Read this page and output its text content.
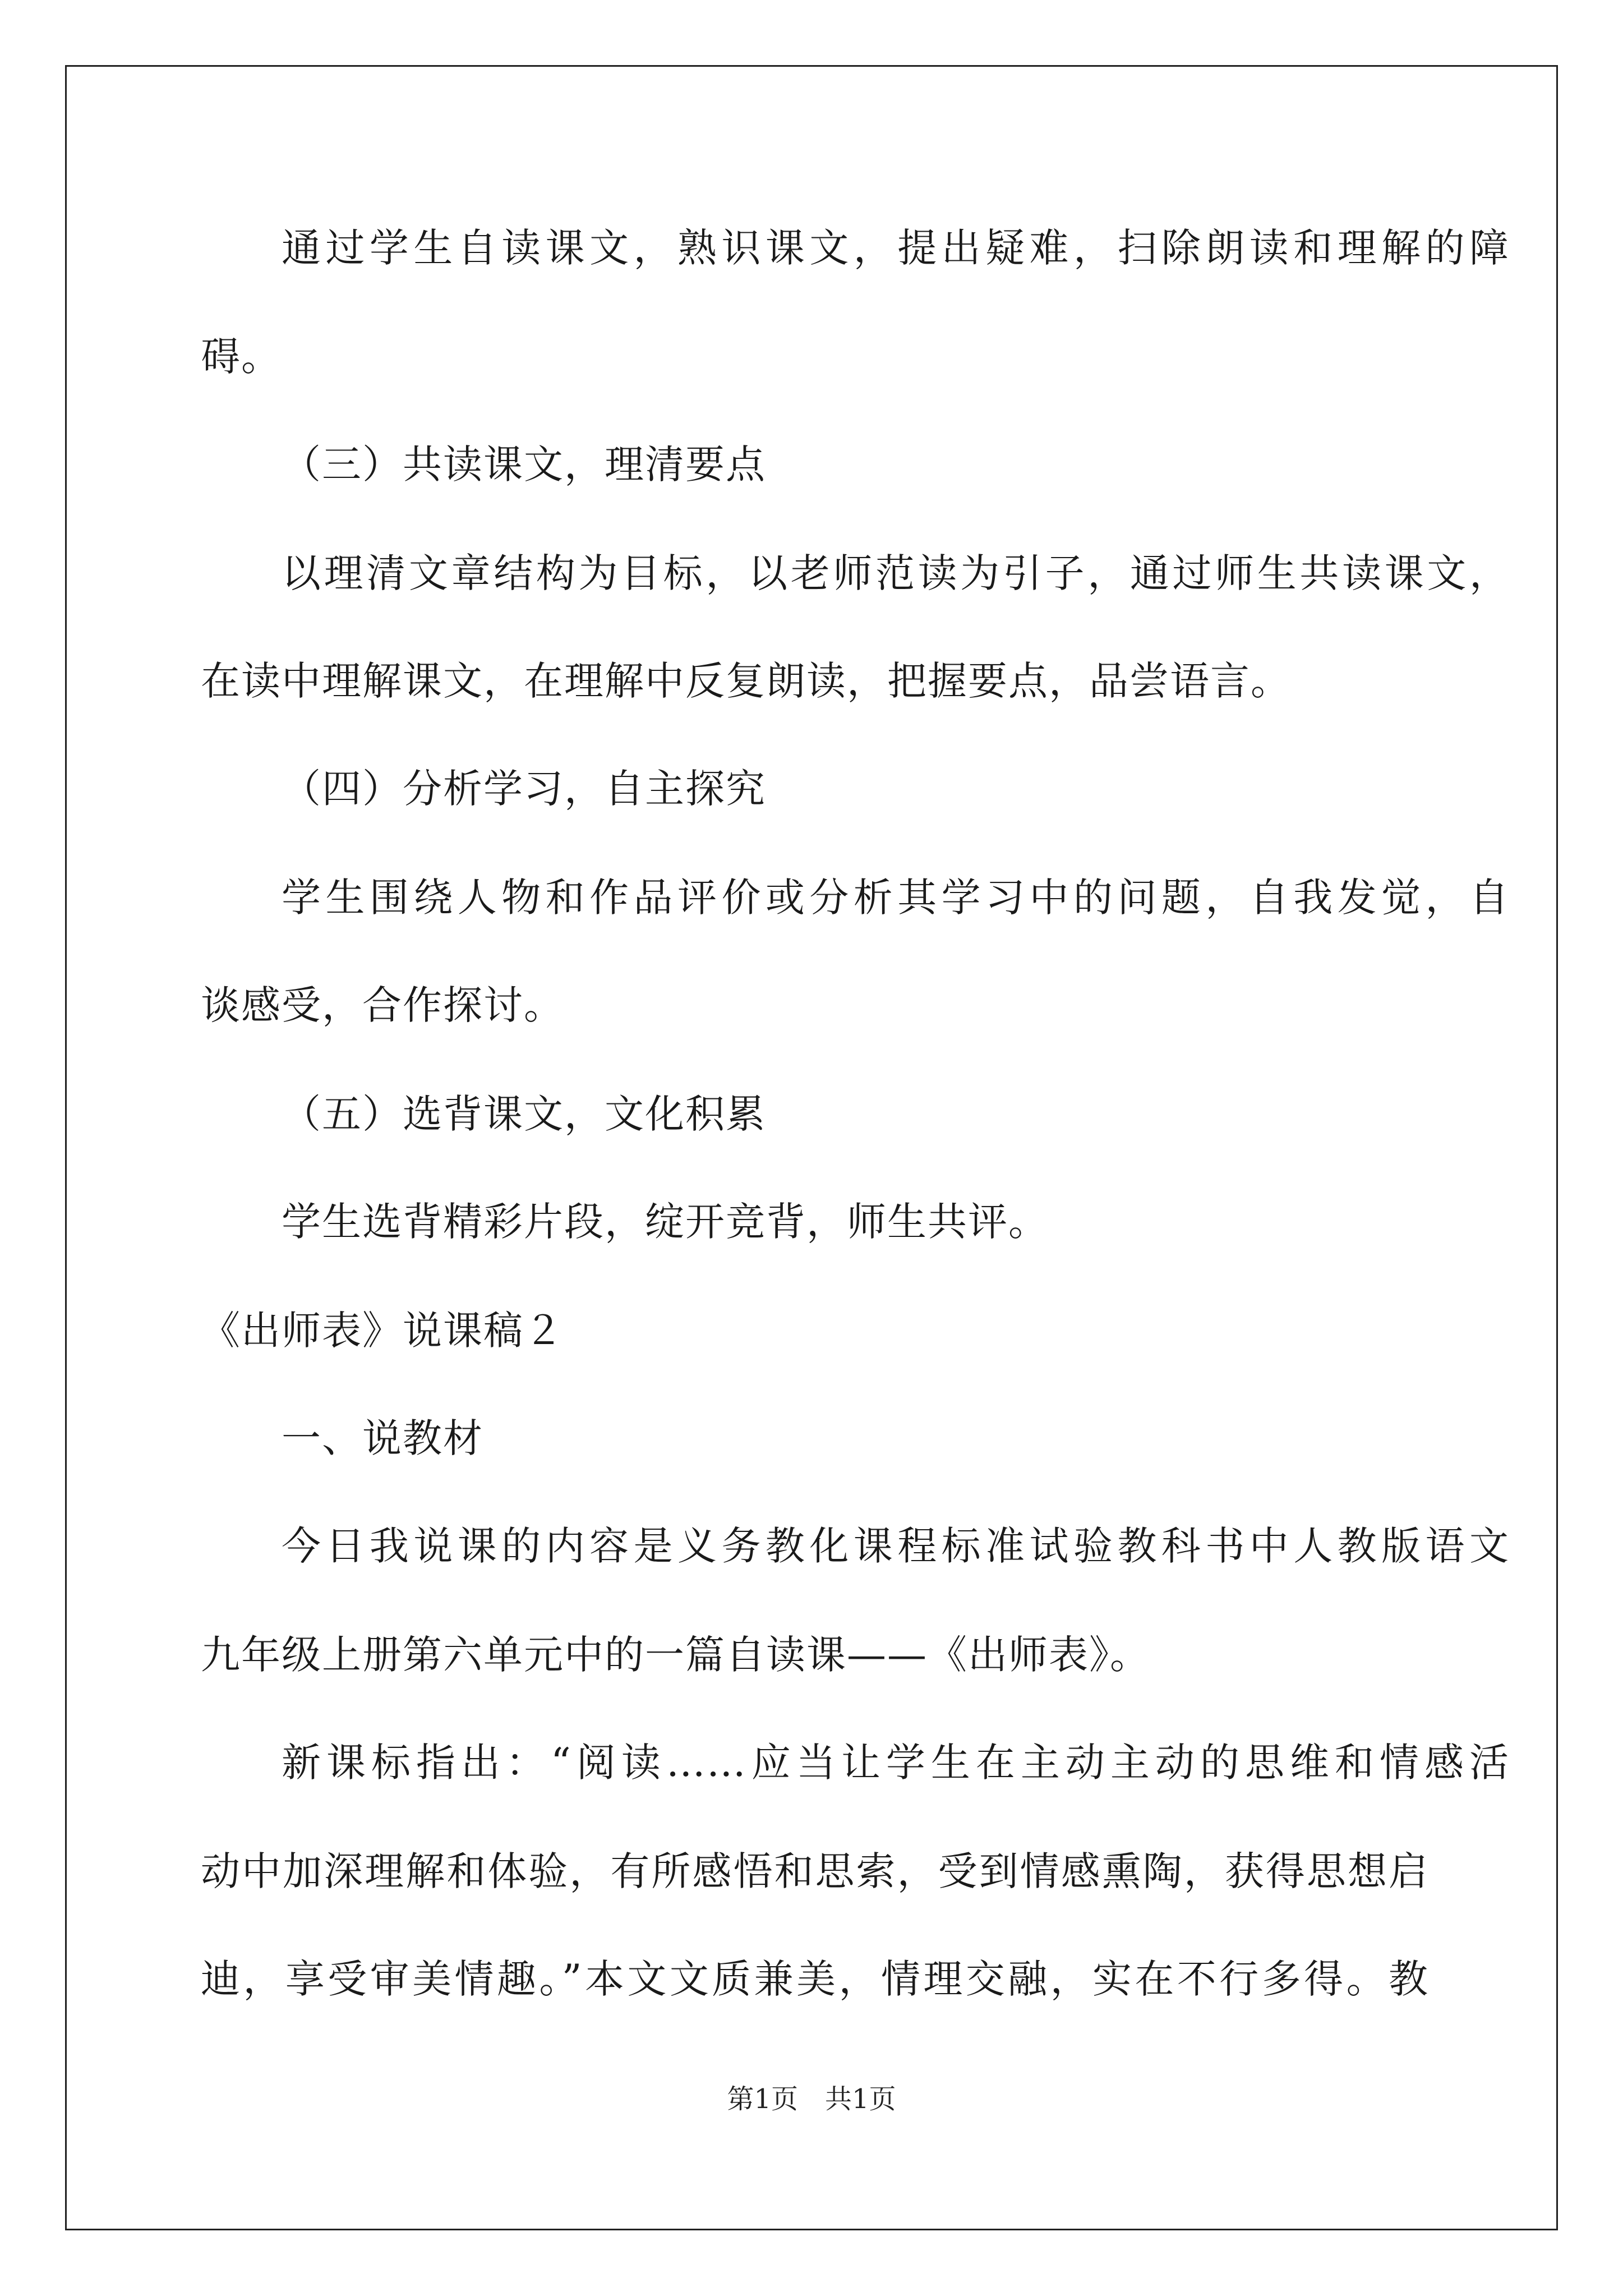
通过学生自读课文，熟识课文，提出疑难，扫除朗读和理解的障
碍。
（三）共读课文，理清要点
以理清文章结构为目标，以老师范读为引子，通过师生共读课文，
在读中理解课文，在理解中反复朗读，把握要点，品尝语言。
（四）分析学习，自主探究
学生围绕人物和作品评价或分析其学习中的问题，自我发觉，自
谈感受，合作探讨。
（五）选背课文，文化积累
学生选背精彩片段，绽开竞背，师生共评。
《出师表》说课稿２
一、说教材
今日我说课的内容是义务教化课程标准试验教科书中人教版语文
九年级上册第六单元中的一篇自读课——《出师表》。
新课标指出：“阅读……应当让学生在主动主动的思维和情感活
动中加深理解和体验，有所感悟和思索，受到情感熏陶，获得思想启
迪，享受审美情趣。”本文文质兼美，情理交融，实在不行多得。教
第1页 共1页
